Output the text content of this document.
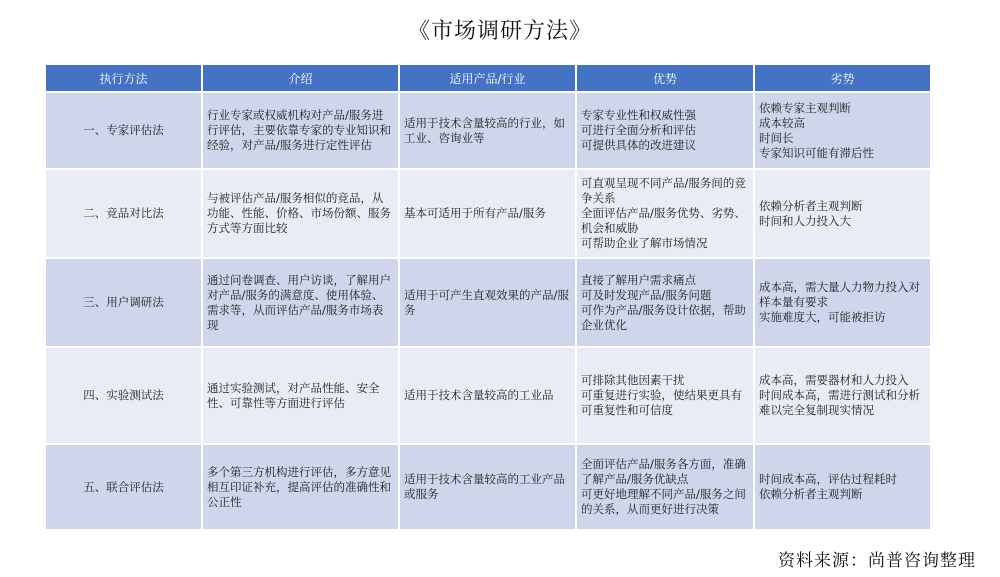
《市场调研方法》
执行方法	介绍	适用产品/行业	优势	劣势
一、专家评估法	行业专家或权威机构对产品/服务进行评估，主要依靠专家的专业知识和经验，对产品/服务进行定性评估	适用于技术含量较高的行业，如工业、咨询业等	专家专业性和权威性强
可进行全面分析和评估
可提供具体的改进建议	依赖专家主观判断
成本较高
时间长
专家知识可能有滞后性

二、竞品对比法	与被评估产品/服务相似的竞品，从功能、性能、价格、市场份额、服务方式等方面比较	基本可适用于所有产品/服务	可直观呈现不同产品/服务间的竞争关系
全面评估产品/服务优势、劣势、机会和威胁
可帮助企业了解市场情况	依赖分析者主观判断
时间和人力投入大

三、用户调研法	通过问卷调查、用户访谈，了解用户对产品/服务的满意度、使用体验、需求等，从而评估产品/服务市场表现	适用于可产生直观效果的产品/服务	直接了解用户需求痛点
可及时发现产品/服务问题
可作为产品/服务设计依据，帮助企业优化	成本高，需大量人力物力投入对样本量有要求
实施难度大，可能被拒访

四、实验测试法	通过实验测试，对产品性能、安全性、可靠性等方面进行评估	适用于技术含量较高的工业品	可排除其他因素干扰
可重复进行实验，使结果更具有可重复性和可信度	成本高，需要器材和人力投入
时间成本高，需进行测试和分析
难以完全复制现实情况

五、联合评估法	多个第三方机构进行评估，多方意见相互印证补充，提高评估的准确性和公正性	适用于技术含量较高的工业产品或服务	全面评估产品/服务各方面，准确了解产品/服务优缺点
可更好地理解不同产品/服务之间的关系，从而更好进行决策	时间成本高，评估过程耗时
依赖分析者主观判断
资料来源：尚普咨询整理
